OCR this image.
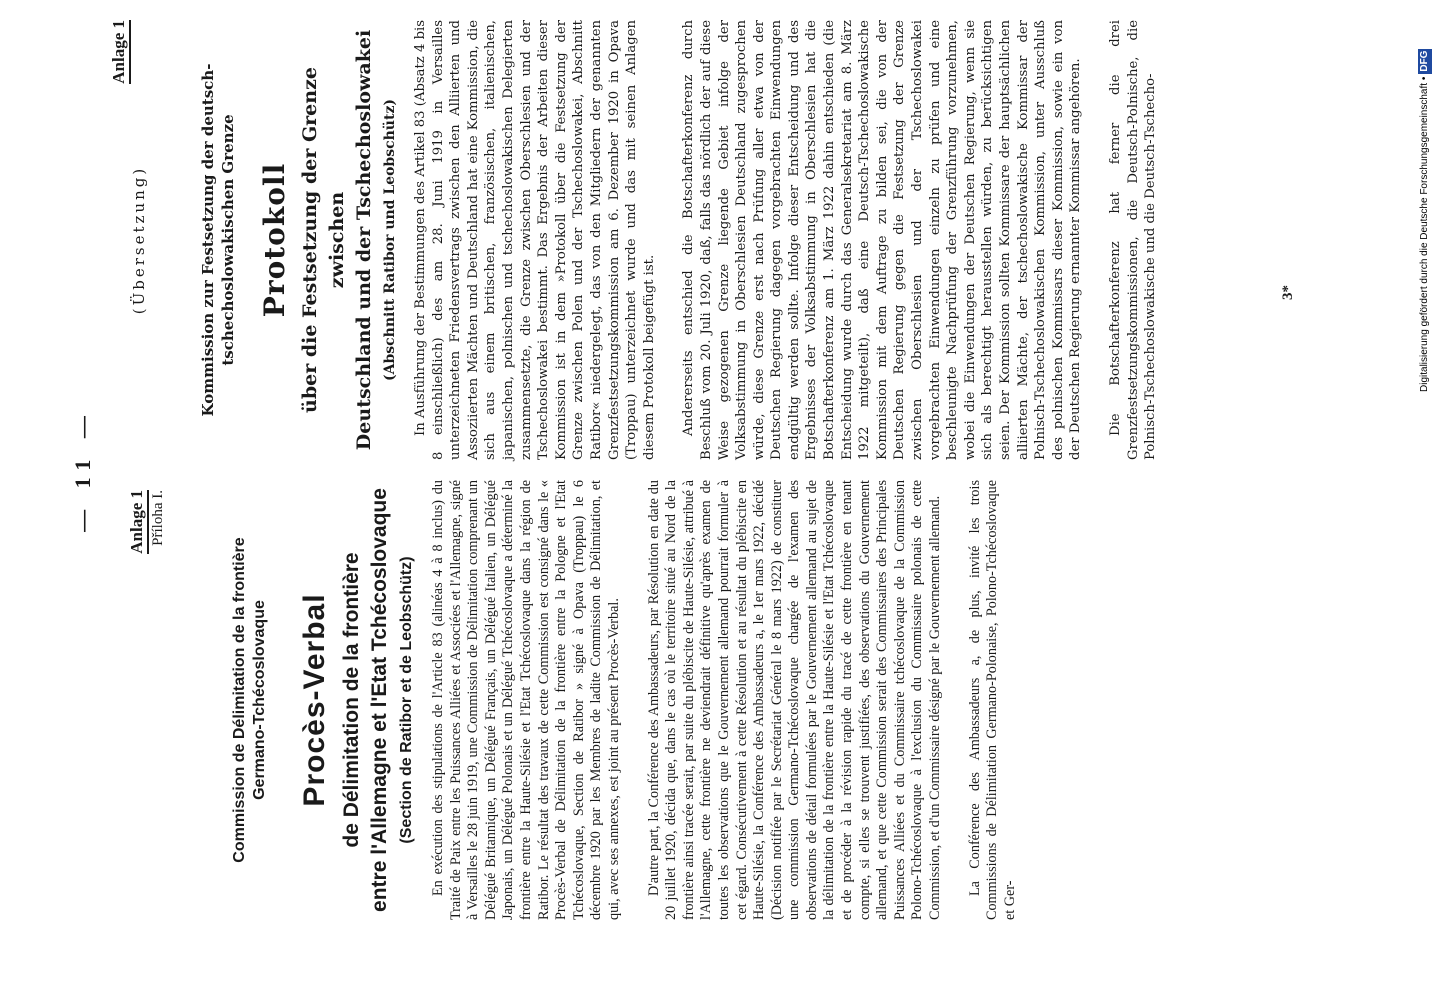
— 11 — Anlage 1 Příloha I.
Commission de Délimitation de la frontière Germano-Tchécoslovaque Procès-Verbal de Délimitation de la frontière entre l'Allemagne et l'Etat Tchécoslovaque (Section de Ratibor et de Leobschütz) En exécution des stipulations de l'Article 83 (alinéas 4 à 8 inclus) du Traité de Paix entre les Puissances Alliées et Associées et l'Allemagne, signé à Versailles le 28 juin 1919, une Commission de Délimitation comprenant un Délégué Britannique, un Délégué Français, un Délégué Italien, un Délégué Japonais, un Délégué Polonais et un Délégué Tchécoslovaque a déterminé la frontière entre la Haute-Silésie et l'Etat Tchécoslovaque dans la région de Ratibor. Le résultat des travaux de cette Commission est consigné dans le « Procès-Verbal de Délimitation de la frontière entre la Pologne et l'Etat Tchécoslovaque, Section de Ratibor » signé à Opava (Troppau) le 6 décembre 1920 par les Membres de ladite Commission de Délimitation, et qui, avec ses annexes, est joint au présent Procès-Verbal. D'autre part, la Conférence des Ambassadeurs, par Résolution en date du 20 juillet 1920, décida que, dans le cas où le territoire situé au Nord de la frontière ainsi tracée serait, par suite du plébiscite de Haute-Silésie, attribué à l'Allemagne, cette frontière ne deviendrait définitive qu'après examen de toutes les observations que le Gouvernement allemand pourrait formuler à cet égard. Consécutivement à cette Résolution et au résultat du plébiscite en Haute-Silésie, la Conférence des Ambassadeurs a, le 1er mars 1922, décidé (Décision notifiée par le Secrétariat Général le 8 mars 1922) de constituer une commission Germano-Tchécoslovaque chargée de l'examen des observations de détail formulées par le Gouvernement allemand au sujet de la délimitation de la frontière entre la Haute-Silésie et l'Etat Tchécoslovaque et de procéder à la révision rapide du tracé de cette frontière en tenant compte, si elles se trouvent justifiées, des observations du Gouvernement allemand, et que cette Commission serait des Commissaires des Principales Puissances Alliées et du Commissaire tchécoslovaque de la Commission Polono-Tchécoslovaque à l'exclusion du Commissaire polonais de cette Commission, et d'un Commissaire désigné par le Gouvernement allemand. La Conférence des Ambassadeurs a, de plus, invité les trois Commissions de Délimitation Germano-Polonaise, Polono-Tchécoslovaque et Ger-
(Übersetzung)
Anlage 1
Kommission zur Festsetzung der deutsch- tschechoslowakischen Grenze Protokoll über die Festsetzung der Grenze zwischen Deutschland und der Tschechoslowakei (Abschnitt Ratibor und Leobschütz) In Ausführung der Bestimmungen des Artikel 83 (Absatz 4 bis 8 einschließlich) des am 28. Juni 1919 in Versailles unterzeichneten Friedensvertrags zwischen den Alliierten und Assoziierten Mächten und Deutschland hat eine Kommission, die sich aus einem britischen, französischen, italienischen, japanischen, polnischen und tschechoslowakischen Delegierten zusammensetzte, die Grenze zwischen Oberschlesien und der Tschechoslowakei bestimmt. Das Ergebnis der Arbeiten dieser Kommission ist in dem »Protokoll über die Festsetzung der Grenze zwischen Polen und der Tschechoslowakei, Abschnitt Ratibor« niedergelegt, das von den Mitgliedern der genannten Grenzfestsetzungskommission am 6. Dezember 1920 in Opava (Troppau) unterzeichnet wurde und das mit seinen Anlagen diesem Protokoll beigefügt ist. Andererseits entschied die Botschafterkonferenz durch Beschluß vom 20. Juli 1920, daß, falls das nördlich der auf diese Weise gezogenen Grenze liegende Gebiet infolge der Volksabstimmung in Oberschlesien Deutschland zugesprochen würde, diese Grenze erst nach Prüfung aller etwa von der Deutschen Regierung dagegen vorgebrachten Einwendungen endgültig werden sollte. Infolge dieser Entscheidung und des Ergebnisses der Volksabstimmung in Oberschlesien hat die Botschafterkonferenz am 1. März 1922 dahin entschieden (die Entscheidung wurde durch das Generalsekretariat am 8. März 1922 mitgeteilt), daß eine Deutsch-Tschechoslowakische Kommission mit dem Auftrage zu bilden sei, die von der Deutschen Regierung gegen die Festsetzung der Grenze zwischen Oberschlesien und der Tschechoslowakei vorgebrachten Einwendungen einzeln zu prüfen und eine beschleunigte Nachprüfung der Grenzführung vorzunehmen, wobei die Einwendungen der Deutschen Regierung, wenn sie sich als berechtigt herausstellen würden, zu berücksichtigen seien. Der Kommission sollten Kommissare der hauptsächlichen alliierten Mächte, der tschechoslowakische Kommissar der Polnisch-Tschechoslowakischen Kommission, unter Ausschluß des polnischen Kommissars dieser Kommission, sowie ein von der Deutschen Regierung ernannter Kommissar angehören. Die Botschafterkonferenz hat ferner die drei Grenzfestsetzungskommissionen, die Deutsch-Polnische, die Polnisch-Tschechoslowakische und die Deutsch-Tschecho-	3*	Digitalisierung gefördert durch die Deutsche Forschungsgemeinschaft •DFG
